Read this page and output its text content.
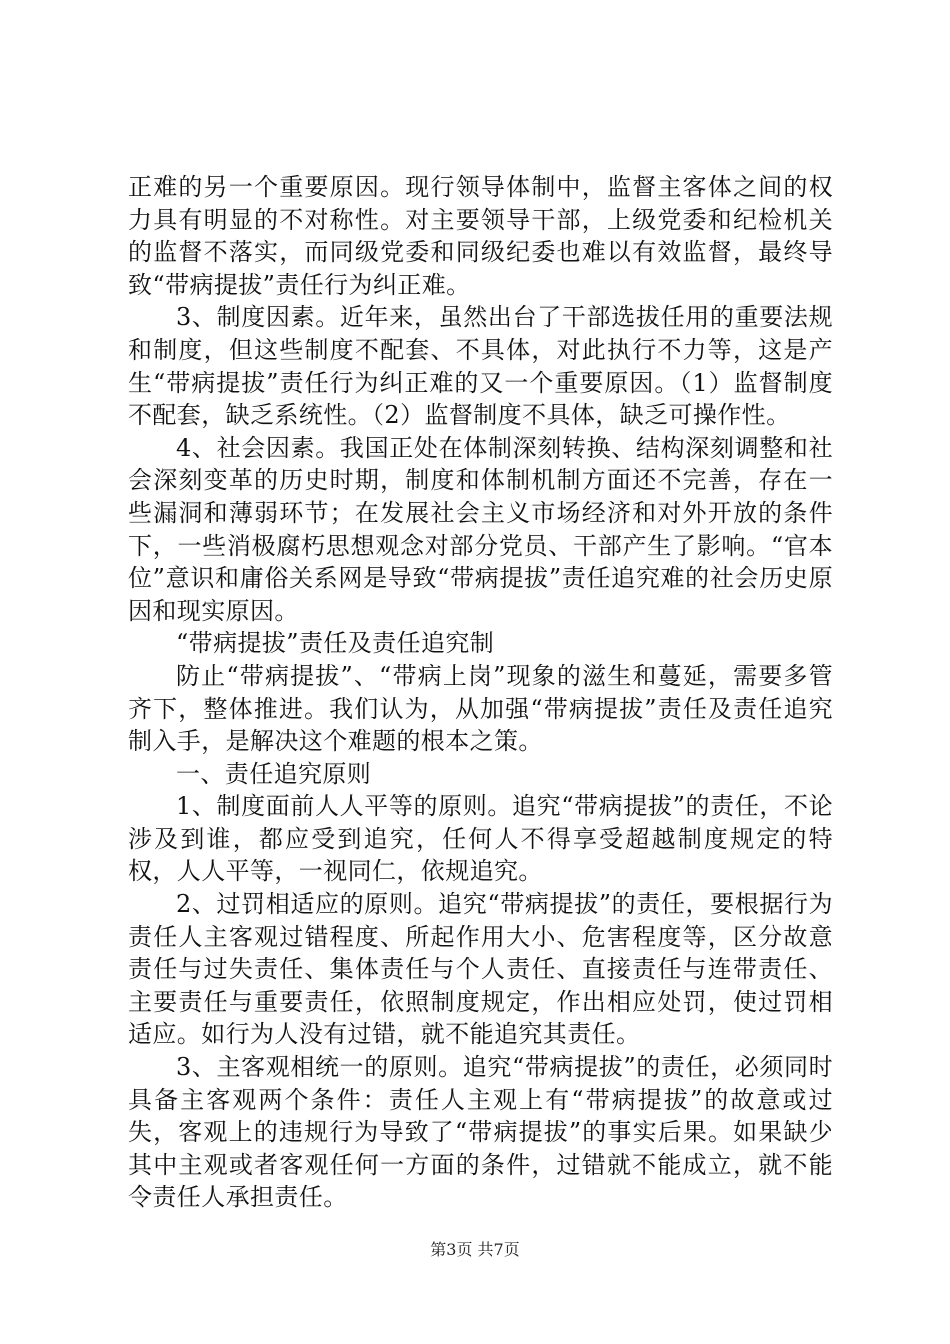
正难的另一个重要原因。现行领导体制中，监督主客体之间的权力具有明显的不对称性。对主要领导干部，上级党委和纪检机关的监督不落实，而同级党委和同级纪委也难以有效监督，最终导致“带病提拔”责任行为纠正难。

3、制度因素。近年来，虽然出台了干部选拔任用的重要法规和制度，但这些制度不配套、不具体，对此执行不力等，这是产生“带病提拔”责任行为纠正难的又一个重要原因。（1）监督制度不配套，缺乏系统性。（2）监督制度不具体，缺乏可操作性。

4、社会因素。我国正处在体制深刻转换、结构深刻调整和社会深刻变革的历史时期，制度和体制机制方面还不完善，存在一些漏洞和薄弱环节；在发展社会主义市场经济和对外开放的条件下，一些消极腐朽思想观念对部分党员、干部产生了影响。“官本位”意识和庸俗关系网是导致“带病提拔”责任追究难的社会历史原因和现实原因。

“带病提拔”责任及责任追究制

防止“带病提拔”、“带病上岗”现象的滋生和蔓延，需要多管齐下，整体推进。我们认为，从加强“带病提拔”责任及责任追究制入手，是解决这个难题的根本之策。

一、责任追究原则

1、制度面前人人平等的原则。追究“带病提拔”的责任，不论涉及到谁，都应受到追究，任何人不得享受超越制度规定的特权，人人平等，一视同仁，依规追究。

2、过罚相适应的原则。追究“带病提拔”的责任，要根据行为责任人主客观过错程度、所起作用大小、危害程度等，区分故意责任与过失责任、集体责任与个人责任、直接责任与连带责任、主要责任与重要责任，依照制度规定，作出相应处罚，使过罚相适应。如行为人没有过错，就不能追究其责任。

3、主客观相统一的原则。追究“带病提拔”的责任，必须同时具备主客观两个条件：责任人主观上有“带病提拔”的故意或过失，客观上的违规行为导致了“带病提拔”的事实后果。如果缺少其中主观或者客观任何一方面的条件，过错就不能成立，就不能令责任人承担责任。

第3页 共7页
